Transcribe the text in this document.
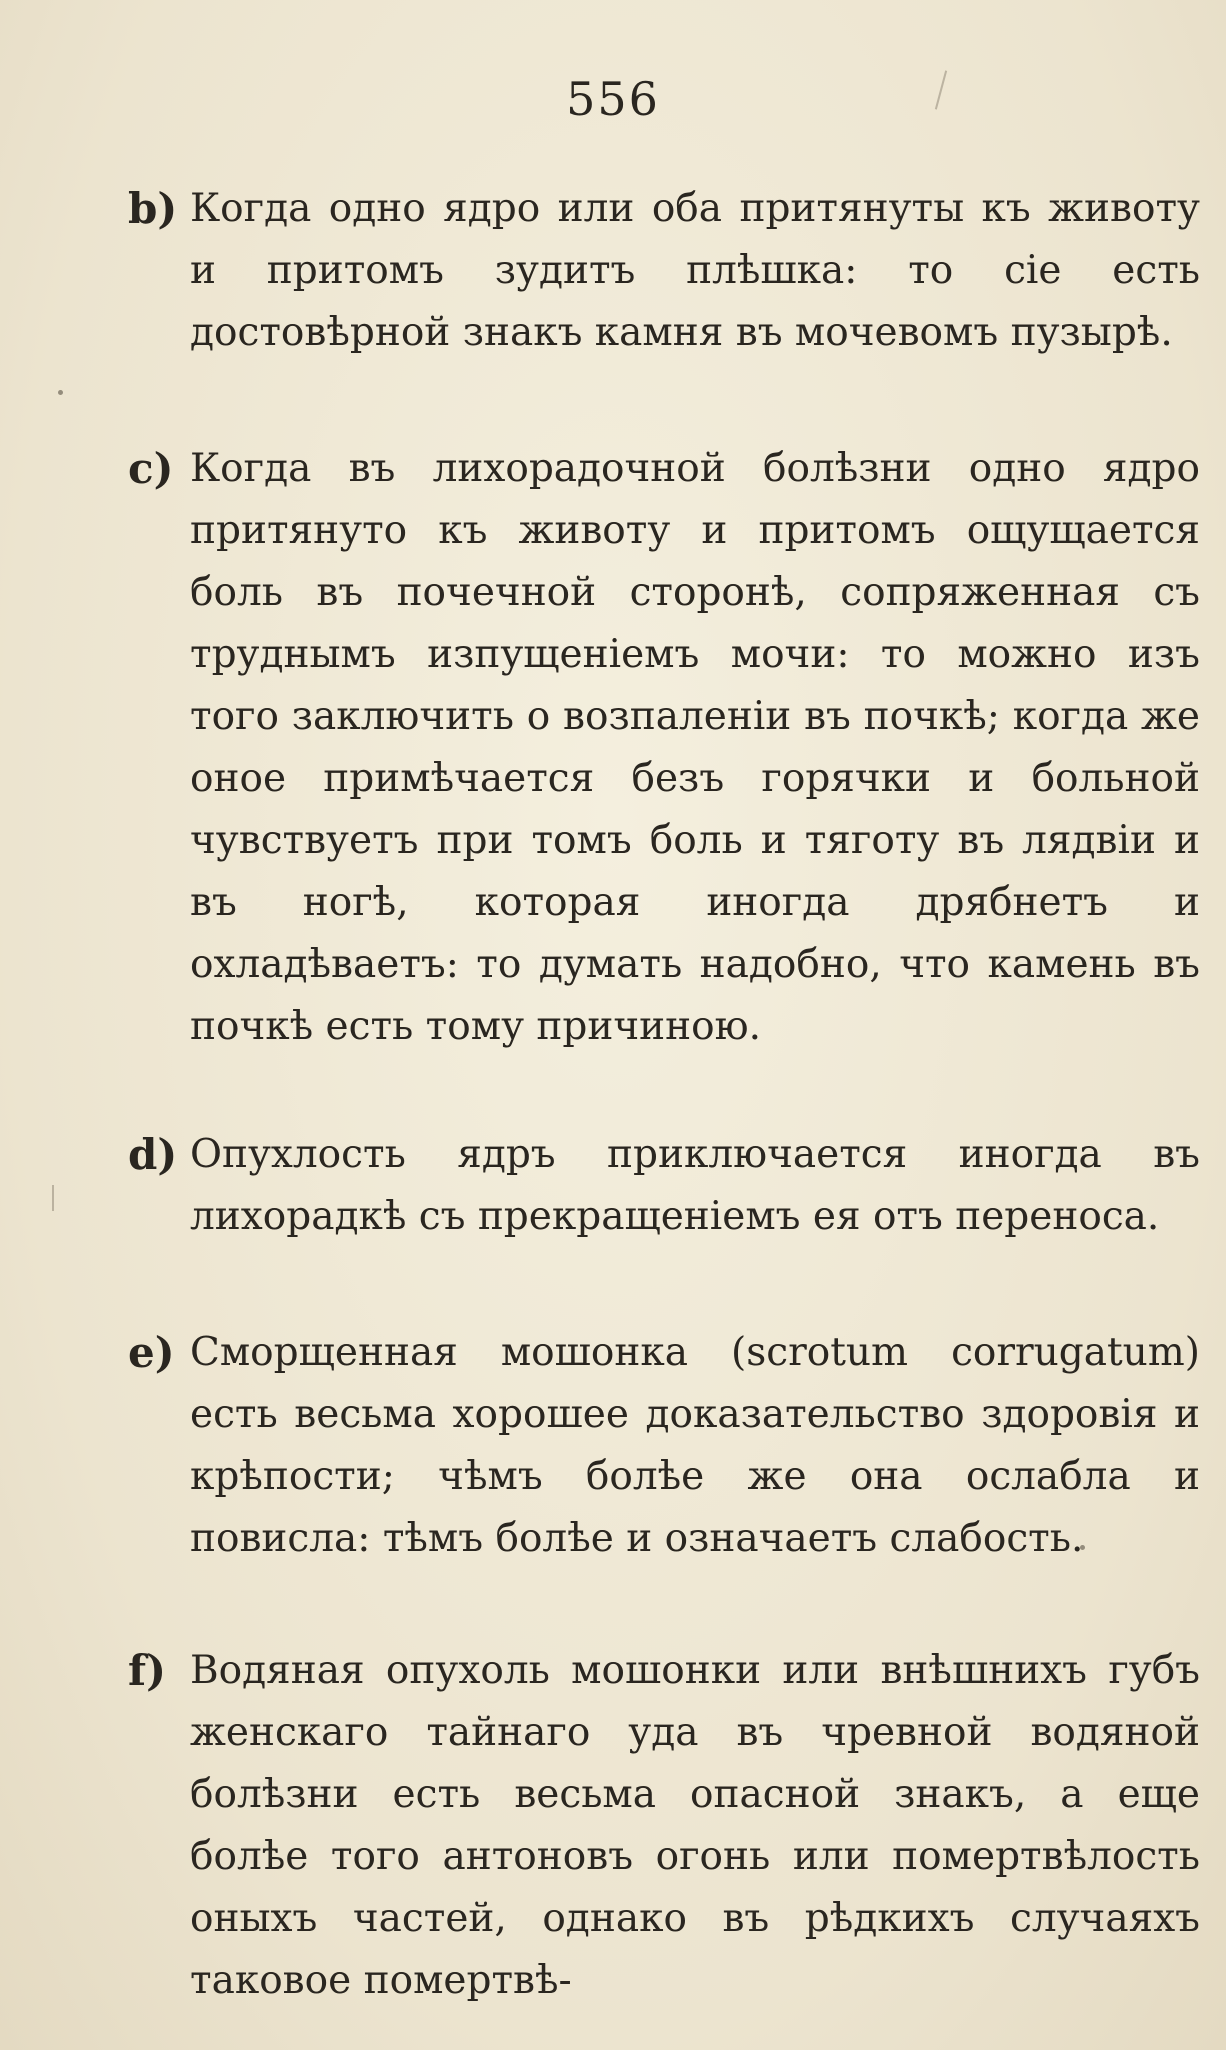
556
b) Когда одно ядро или оба притянуты къ животу и притомъ зудитъ плѣшка: то сіе есть достовѣрной знакъ камня въ мочевомъ пузырѣ.
c) Когда въ лихорадочной болѣзни одно ядро притянуто къ животу и притомъ ощущается боль въ почечной сторонѣ, сопряженная съ труднымъ изпущеніемъ мочи: то можно изъ того заключить о возпаленіи въ почкѣ; когда же оное примѣчается безъ горячки и больной чувствуетъ при томъ боль и тяготу въ лядвіи и въ ногѣ, которая иногда дрябнетъ и охладѣваетъ: то думать надобно, что камень въ почкѣ есть тому причиною.
d) Опухлость ядръ приключается иногда въ лихорадкѣ съ прекращеніемъ ея отъ переноса.
e) Сморщенная мошонка (scrotum corrugatum) есть весьма хорошее доказательство здоровія и крѣпости; чѣмъ болѣе же она ослабла и повисла: тѣмъ болѣе и означаетъ слабость.
f) Водяная опухоль мошонки или внѣшнихъ губъ женскаго тайнаго уда въ чревной водяной болѣзни есть весьма опасной знакъ, а еще болѣе того антоновъ огонь или помертвѣлость оныхъ частей, однако въ рѣдкихъ случаяхъ таковое помертвѣ-
